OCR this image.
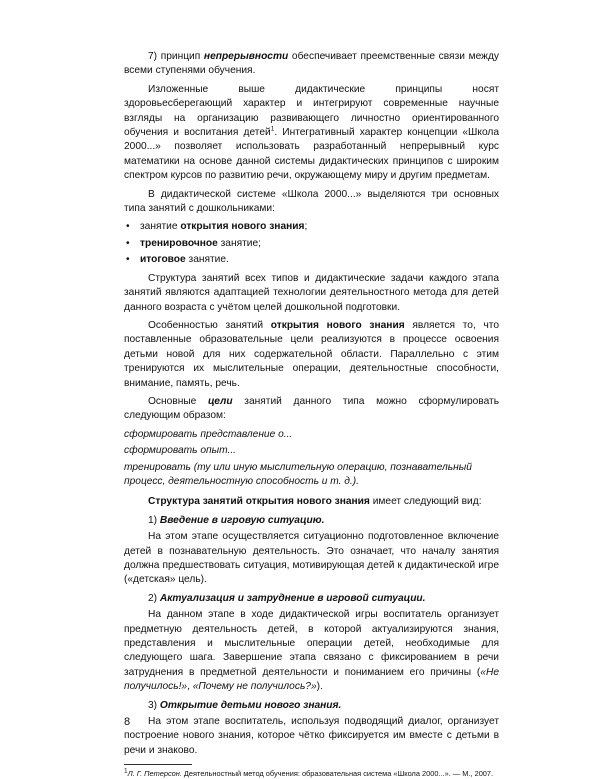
7) принцип непрерывности обеспечивает преемственные связи между всеми ступенями обучения.

Изложенные выше дидактические принципы носят здоровьесберегающий характер и интегрируют современные научные взгляды на организацию развивающего личностно ориентированного обучения и воспитания детей$^1$. Интегративный характер концепции «Школа 2000...» позволяет использовать разработанный непрерывный курс математики на основе данной системы дидактических принципов с широким спектром курсов по развитию речи, окружающему миру и другим предметам.

В дидактической системе «Школа 2000...» выделяются три основных типа занятий с дошкольниками:

• занятие открытия нового знания;
• тренировочное занятие;
• итоговое занятие.

Структура занятий всех типов и дидактические задачи каждого этапа занятий являются адаптацией технологии деятельностного метода для детей данного возраста с учётом целей дошкольной подготовки.

Особенностью занятий открытия нового знания является то, что поставленные образовательные цели реализуются в процессе освоения детьми новой для них содержательной области. Параллельно с этим тренируются их мыслительные операции, деятельностные способности, внимание, память, речь.

Основные цели занятий данного типа можно сформулировать следующим образом:

сформировать представление о...

сформировать опыт...

тренировать (ту или иную мыслительную операцию, познавательный процесс, деятельностную способность и т. д.).

Структура занятий открытия нового знания имеет следующий вид:

1) Введение в игровую ситуацию.

На этом этапе осуществляется ситуационно подготовленное включение детей в познавательную деятельность. Это означает, что началу занятия должна предшествовать ситуация, мотивирующая детей к дидактической игре («детская» цель).

2) Актуализация и затруднение в игровой ситуации.

На данном этапе в ходе дидактической игры воспитатель организует предметную деятельность детей, в которой актуализируются знания, представления и мыслительные операции детей, необходимые для следующего шага. Завершение этапа связано с фиксированием в речи затруднения в предметной деятельности и пониманием его причины («Не получилось!», «Почему не получилось?»).

3) Открытие детьми нового знания.

На этом этапе воспитатель, используя подводящий диалог, организует построение нового знания, которое чётко фиксируется им вместе с детьми в речи и знаково.

$^1$Л. Г. Петерсон. Деятельностный метод обучения: образовательная система «Школа 2000...». — М., 2007.

8
